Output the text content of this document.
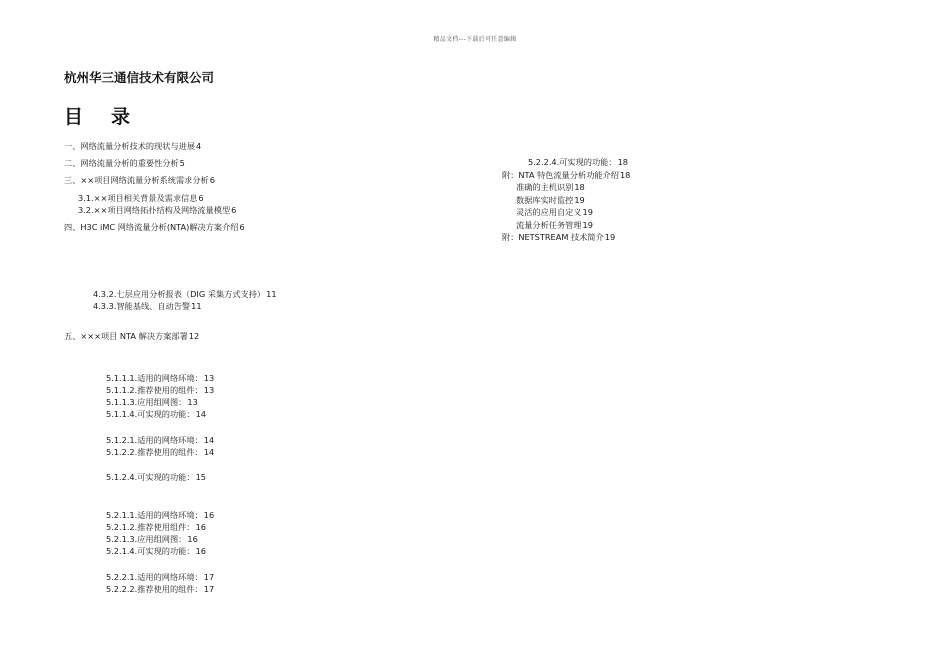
精品文档---下载后可任意编辑
杭州华三通信技术有限公司
目 录
一、网络流量分析技术的现状与进展4
二、网络流量分析的重要性分析5
三、××项目网络流量分析系统需求分析6
3.1.××项目相关背景及需求信息6
3.2.××项目网络拓扑结构及网络流量模型6
四、H3C iMC 网络流量分析(NTA)解决方案介绍6
4.3.2.七层应用分析报表（DIG 采集方式支持）11
4.3.3.智能基线、自动告警11
五、×××项目 NTA 解决方案部署12
5.1.1.1.适用的网络环境：13
5.1.1.2.推荐使用的组件：13
5.1.1.3.应用组网图：13
5.1.1.4.可实现的功能：14
5.1.2.1.适用的网络环境：14
5.1.2.2.推荐使用的组件：14
5.1.2.4.可实现的功能：15
5.2.1.1.适用的网络环境：16
5.2.1.2.推荐使用组件：16
5.2.1.3.应用组网图：16
5.2.1.4.可实现的功能：16
5.2.2.1.适用的网络环境：17
5.2.2.2.推荐使用的组件：17
5.2.2.4.可实现的功能：18
附：NTA 特色流量分析功能介绍18
准确的主机识别18
数据库实时监控19
灵活的应用自定义19
流量分析任务管理19
附：NETSTREAM 技术简介19
